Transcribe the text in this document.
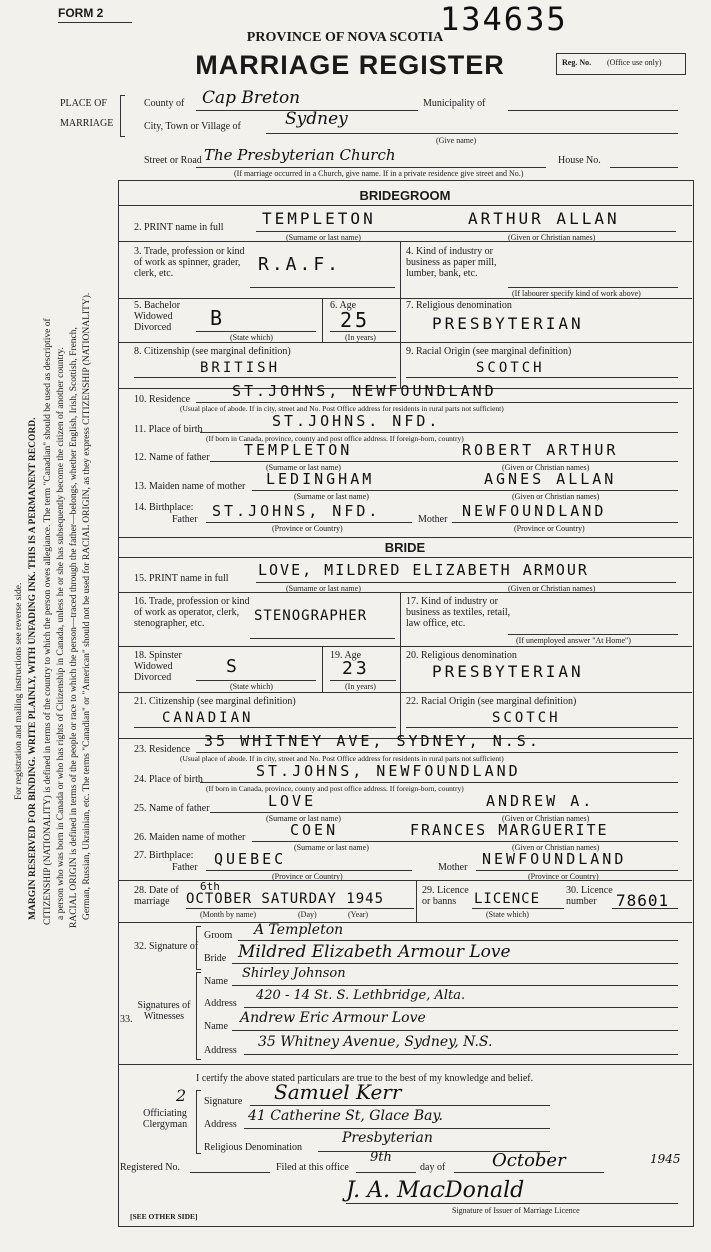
FORM 2	134635
PROVINCE OF NOVA SCOTIA
MARRIAGE REGISTER	Reg. No. (Office use only)
PLACE OF
MARRIAGE
County of Cap Breton	Municipality of
City, Town or Village of	Sydney
(Give name)
Street or Road The Presbyterian Church	House No.
(If marriage occurred in a Church, give name. If in a private residence give street and No.)
For registration and mailing instructions see reverse side. MARGIN RESERVED FOR BINDING. WRITE PLAINLY, WITH UNFADING INK. THIS IS A PERMANENT RECORD. CITIZENSHIP (NATIONALITY) is defined in terms of the country to which the person owes allegiance. The term "Canadian" should be used as descriptive of a person who was born in Canada or who has rights of Citizenship in Canada, unless he or she has subsequently become the citizen of another country. RACIAL ORIGIN is defined in terms of the people or race to which the person—traced through the father—belongs, whether English, Irish, Scottish, French, German, Russian, Ukrainian, etc. The terms "Canadian" or "American" should not be used for RACIAL ORIGIN, as they express CITIZENSHIP (NATIONALITY).
BRIDEGROOM
2. PRINT name in full TEMPLETON	ARTHUR ALLAN
(Surname or last name)	(Given or Christian names)
3. Trade, profession or kind of work as spinner, grader, clerk, etc.	R.A.F.
4. Kind of industry or business as paper mill, lumber, bank, etc.
(If labourer specify kind of work above)
5. Bachelor Widowed Divorced	B
(State which)
6. Age
25
(In years)
7. Religious denomination
PRESBYTERIAN
8. Citizenship (see marginal definition)
BRITISH
9. Racial Origin (see marginal definition)
SCOTCH
10. Residence	ST.JOHNS, NEWFOUNDLAND
(Usual place of abode. If in city, street and No. Post Office address for residents in rural parts not sufficient)
11. Place of birth	ST.JOHNS. NFD.
(If born in Canada, province, county and post office address. If foreign-born, country)
12. Name of father TEMPLETON	ROBERT ARTHUR
(Surname or last name)	(Given or Christian names)
13. Maiden name of mother LEDINGHAM	AGNES ALLAN
(Surname or last name)	(Given or Christian names)
14. Birthplace:
Father ST.JOHNS, NFD.	Mother NEWFOUNDLAND
(Province or Country)	(Province or Country)
BRIDE
15. PRINT name in full LOVE, MILDRED ELIZABETH ARMOUR
(Surname or last name)	(Given or Christian names)
16. Trade, profession or kind of work as operator, clerk, stenographer, etc.	STENOGRAPHER
17. Kind of industry or business as textiles, retail, law office, etc.
(If unemployed answer "At Home")
18. Spinster Widowed Divorced
S
(State which)
19. Age
23
(In years)
20. Religious denomination
PRESBYTERIAN
21. Citizenship (see marginal definition)
CANADIAN
22. Racial Origin (see marginal definition)
SCOTCH
23. Residence 35 WHITNEY AVE, SYDNEY, N.S.
(Usual place of abode. If in city, street and No. Post Office address for residents in rural parts not sufficient)
24. Place of birth	ST.JOHNS, NEWFOUNDLAND
(If born in Canada, province, county and post office address. If foreign-born, country)
25. Name of father	LOVE	ANDREW A.
(Surname or last name)	(Given or Christian names)
26. Maiden name of mother	COEN	FRANCES MARGUERITE
(Surname or last name)	(Given or Christian names)
27. Birthplace:
Father QUEBEC	Mother NEWFOUNDLAND
(Province or Country)	(Province or Country)
28. Date of marriage
6th
OCTOBER SATURDAY 1945
(Month by name)	(Day)	(Year)
29. Licence or banns	LICENCE
(State which)
30. Licence number	78601
32. Signature of
Groom A Templeton
Bride Mildred Elizabeth Armour Love
33.
Signatures of Witnesses
Name
Shirley Johnson
Address
420 - 14 St. S. Lethbridge, Alta.
Name
Andrew Eric Armour Love
Address
35 Whitney Avenue, Sydney, N.S.
I certify the above stated particulars are true to the best of my knowledge and belief.
2
Officiating Clergyman
Signature Samuel Kerr
Address
41 Catherine St, Glace Bay.
Religious Denomination
Presbyterian
Registered No.	Filed at this office
9th
day of	October	1945
J. A. MacDonald
Signature of Issuer of Marriage Licence
[SEE OTHER SIDE]
